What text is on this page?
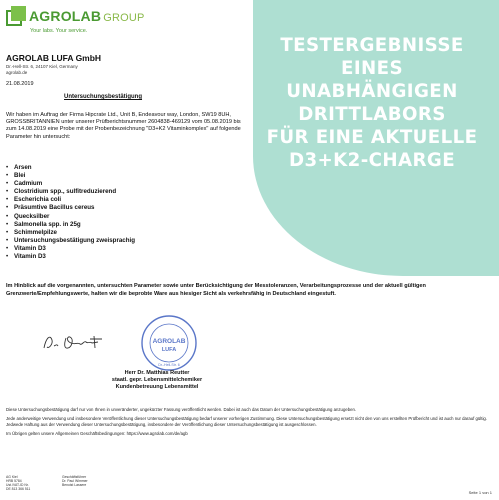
AGROLAB GROUP
Your labs. Your service.
AGROLAB LUFA GmbH
Dr.-Hell-Str. 6, 24107 Kiel, Germany
agrolab.de
21.08.2019
Untersuchungsbestätigung
Wir haben im Auftrag der Firma Hipcrate Ltd., Unit B, Endeavour way, London, SW19 8UH, GROSSBRITANNIEN unter unserer Prüfberichtsnummer 2604838-469129 vom 05.08.2019 bis zum 14.08.2019 eine Probe mit der Probenbezeichnung "D3+K2 Vitaminkomplex" auf folgende Parameter hin untersucht:
• Arsen
• Blei
• Cadmium
• Clostridium spp., sulfitreduzierend
• Escherichia coli
• Präsumtive Bacillus cereus
• Quecksilber
• Salmonella spp. in 25g
• Schimmelpilze
• Untersuchungsbestätigung zweisprachig
• Vitamin D3
• Vitamin D3
Im Hinblick auf die vorgenannten, untersuchten Parameter sowie unter Berücksichtigung der Messtoleranzen, Verarbeitungsprozesse und der aktuell gültigen Grenzwerte/Empfehlungswerte, halten wir die beprobte Ware aus hiesiger Sicht als verkehrsfähig in Deutschland eingestuft.
AGROLAB
LUFA
Dr.-Hell-Str. 6
Herr Dr. Matthias Reutter
staatl. gepr. Lebensmittelchemiker
Kundenbetreuung Lebensmittel

Diese Untersuchungsbestätigung darf nur von Ihnen in unveränderter, ungekürzter Fassung veröffentlicht werden. Dabei ist auch das Datum der Untersuchungsbestätigung anzugeben.

Jede anderweitige Verwendung und insbesondere Veröffentlichung dieser Untersuchungsbestätigung bedarf unserer vorherigen Zustimmung. Diese Untersuchungsbestätigung ersetzt nicht den von uns erstellten Prüfbericht und ist auch nur darauf gültig. Jedwede Haftung aus der Verwendung dieser Untersuchungsbestätigung, insbesondere der Veröffentlichung dieser Untersuchungsbestätigung ist ausgeschlossen.

Im Übrigen gelten unsere Allgemeinen Geschäftsbedingungen: https://www.agrolab.com/de/agb

AG Kiel
HRB 5784
Ust./VAT-ID Nr.
DE 813 366 511
Geschäftsführer
Dr. Paul Wimmer
Benoist Lassere
Seite 1 von 1
TESTERGEBNISSE
EINES
UNABHÄNGIGEN
DRITTLABORS
FÜR EINE AKTUELLE
D3+K2-CHARGE
